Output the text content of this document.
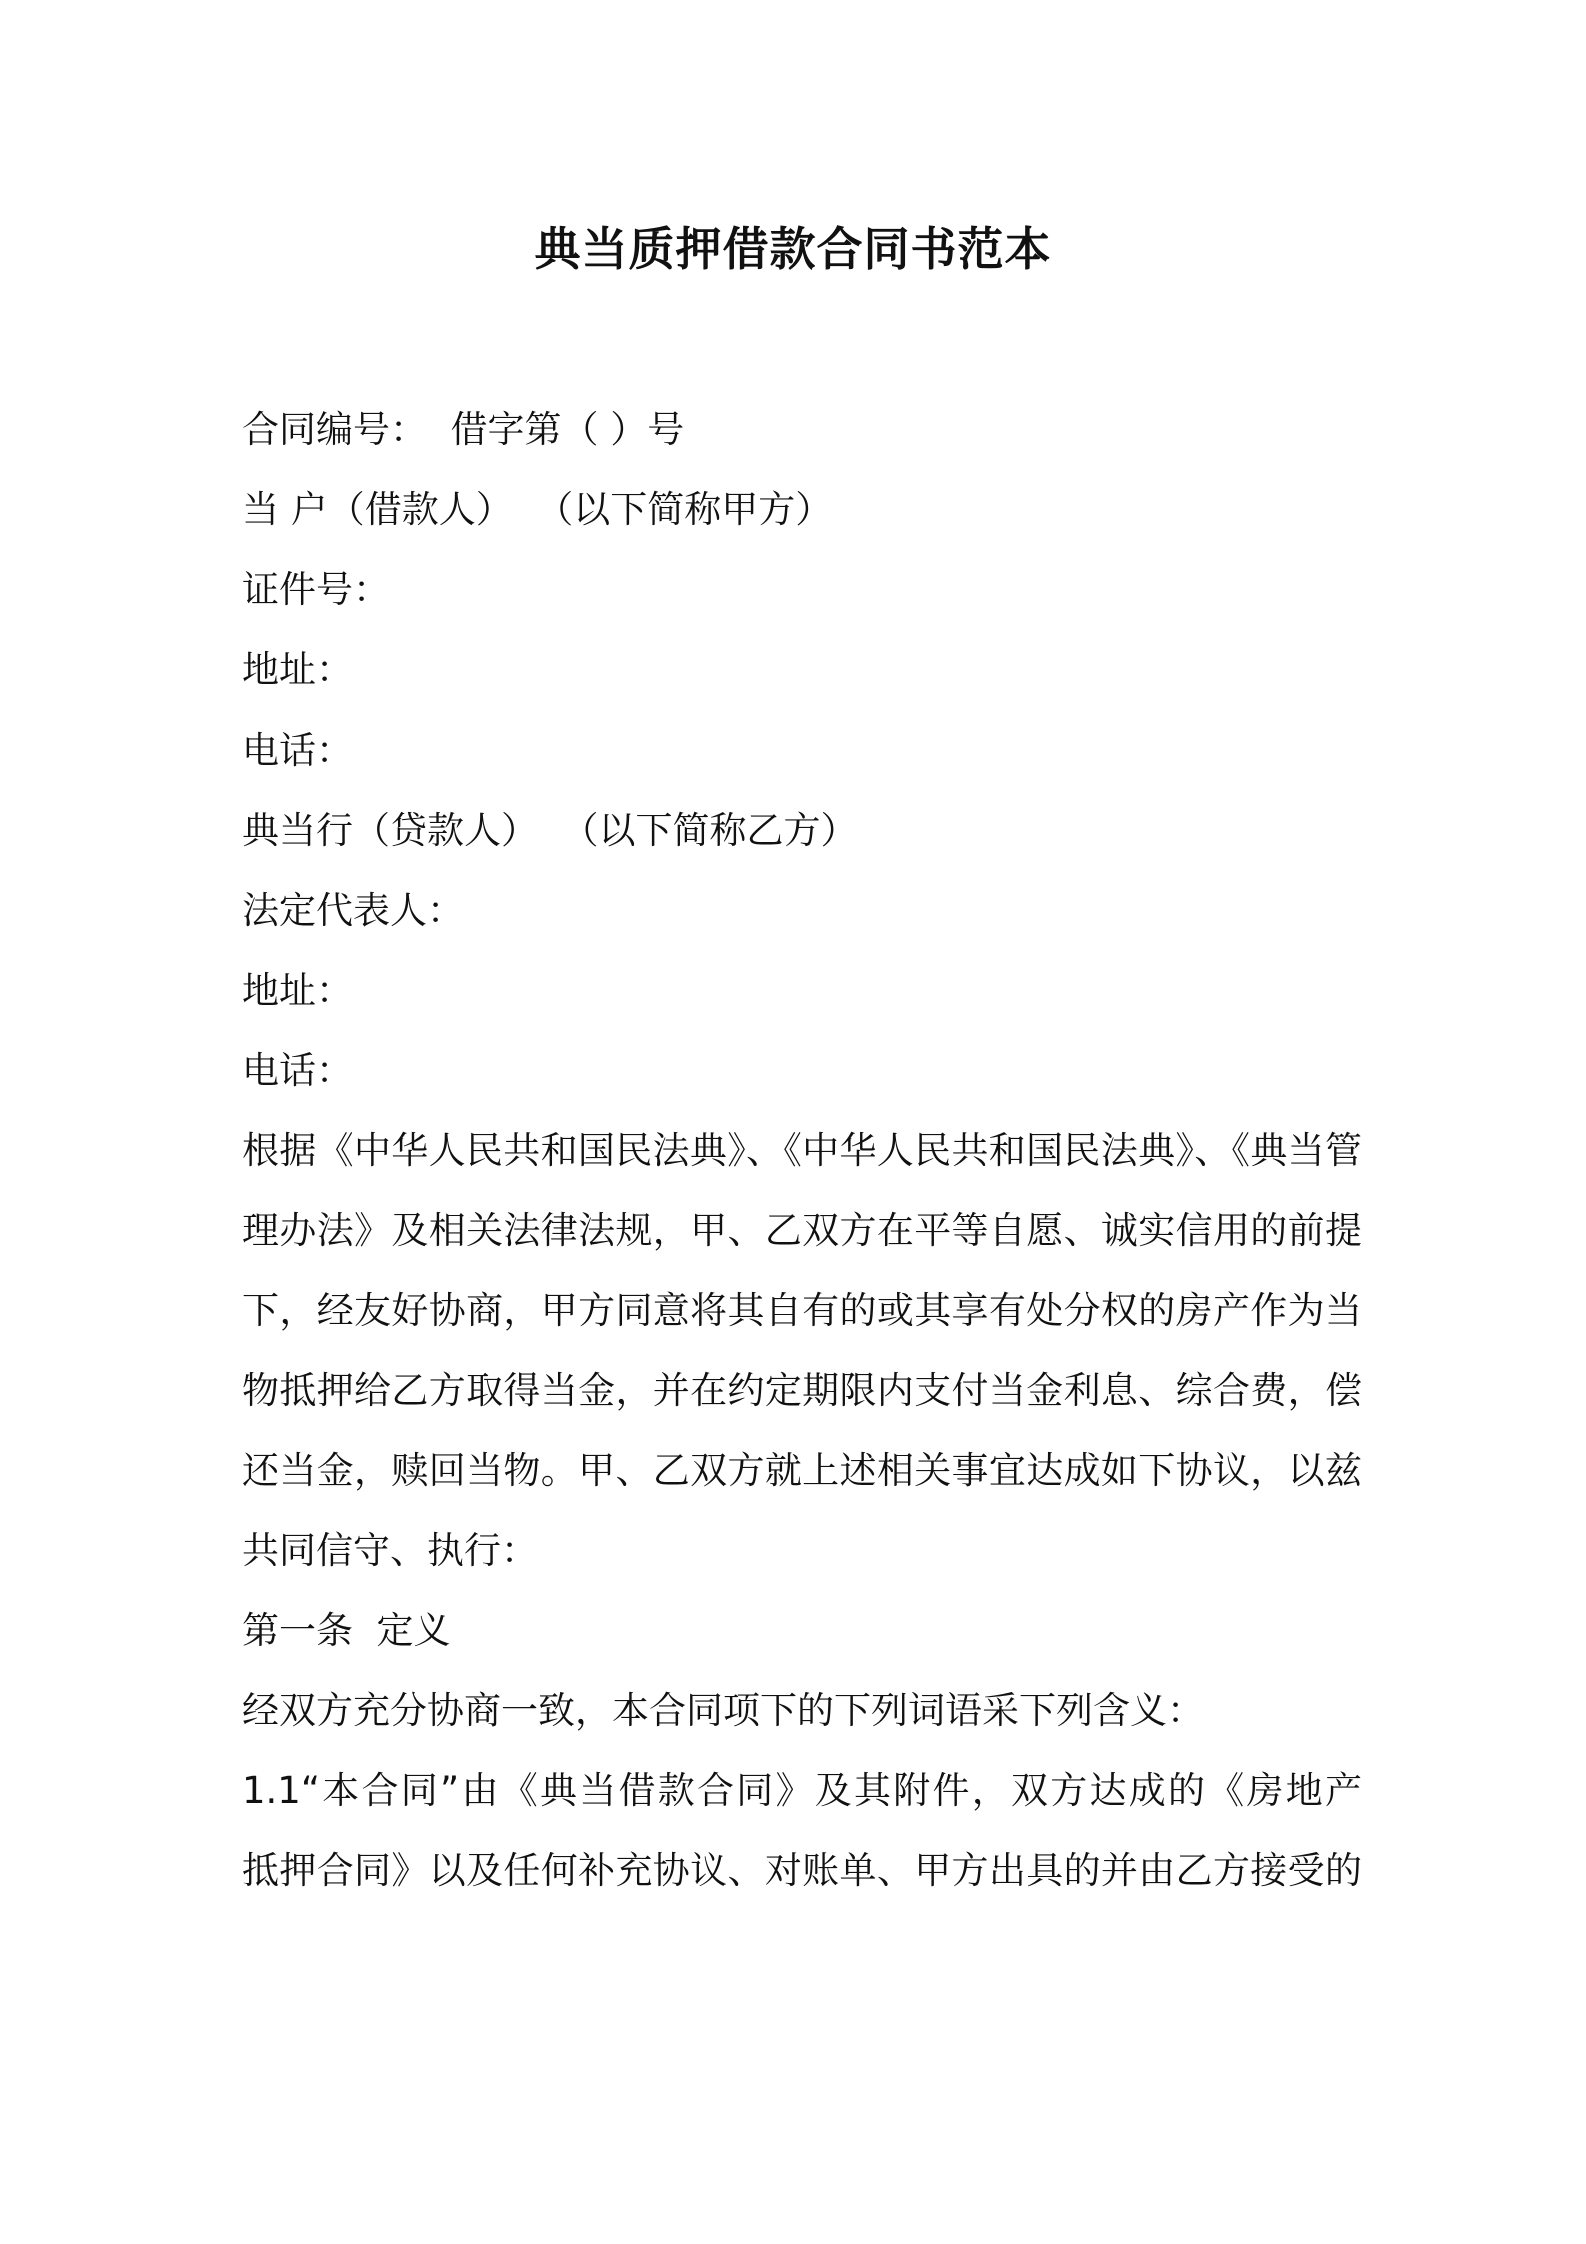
典当质押借款合同书范本

合同编号：  借字第（ ）号

当 户（借款人）  （以下简称甲方）

证件号：

地址：

电话：

典当行（贷款人）  （以下简称乙方）

法定代表人：

地址：

电话：

根据《中华人民共和国民法典》、《中华人民共和国民法典》、《典当管

理办法》及相关法律法规，甲、乙双方在平等自愿、诚实信用的前提

下，经友好协商，甲方同意将其自有的或其享有处分权的房产作为当

物抵押给乙方取得当金，并在约定期限内支付当金利息、综合费，偿

还当金，赎回当物。甲、乙双方就上述相关事宜达成如下协议，以兹

共同信守、执行：

第一条  定义

经双方充分协商一致，本合同项下的下列词语采下列含义：

1.1“本合同”由《典当借款合同》及其附件，双方达成的《房地产

抵押合同》以及任何补充协议、对账单、甲方出具的并由乙方接受的
